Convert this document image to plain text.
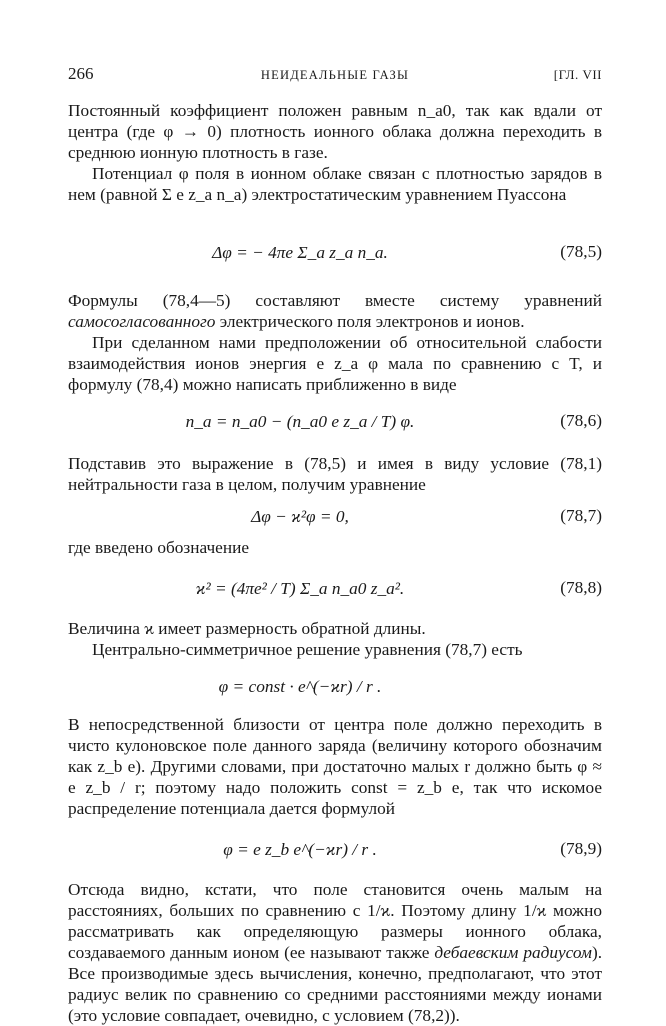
266	НЕИДЕАЛЬНЫЕ ГАЗЫ	[ГЛ. VII

Постоянный коэффициент положен равным n_a0, так как вдали от центра (где φ → 0) плотность ионного облака должна переходить в среднюю ионную плотность в газе.

Потенциал φ поля в ионном облаке связан с плотностью зарядов в нем (равной Σ e z_a n_a) электростатическим уравнением Пуассона

Δφ = − 4πe Σ_a z_a n_a.	(78,5)

Формулы (78,4—5) составляют вместе систему уравнений самосогласованного электрического поля электронов и ионов.

При сделанном нами предположении об относительной слабости взаимодействия ионов энергия e z_a φ мала по сравнению с T, и формулу (78,4) можно написать приближенно в виде

n_a = n_a0 − (n_a0 e z_a / T) φ.	(78,6)

Подставив это выражение в (78,5) и имея в виду условие (78,1) нейтральности газа в целом, получим уравнение

Δφ − ϰ²φ = 0,	(78,7)

где введено обозначение

ϰ² = (4πe² / T) Σ_a n_a0 z_a².	(78,8)

Величина ϰ имеет размерность обратной длины.

Центрально-симметричное решение уравнения (78,7) есть

φ = const · e^(−ϰr) / r .

В непосредственной близости от центра поле должно переходить в чисто кулоновское поле данного заряда (величину которого обозначим как z_b e). Другими словами, при достаточно малых r должно быть φ ≈ e z_b / r; поэтому надо положить const = z_b e, так что искомое распределение потенциала дается формулой

φ = e z_b e^(−ϰr) / r .	(78,9)

Отсюда видно, кстати, что поле становится очень малым на расстояниях, больших по сравнению с 1/ϰ. Поэтому длину 1/ϰ можно рассматривать как определяющую размеры ионного облака, создаваемого данным ионом (ее называют также дебаевским радиусом). Все производимые здесь вычисления, конечно, предполагают, что этот радиус велик по сравнению со средними расстояниями между ионами (это условие совпадает, очевидно, с условием (78,2)).
